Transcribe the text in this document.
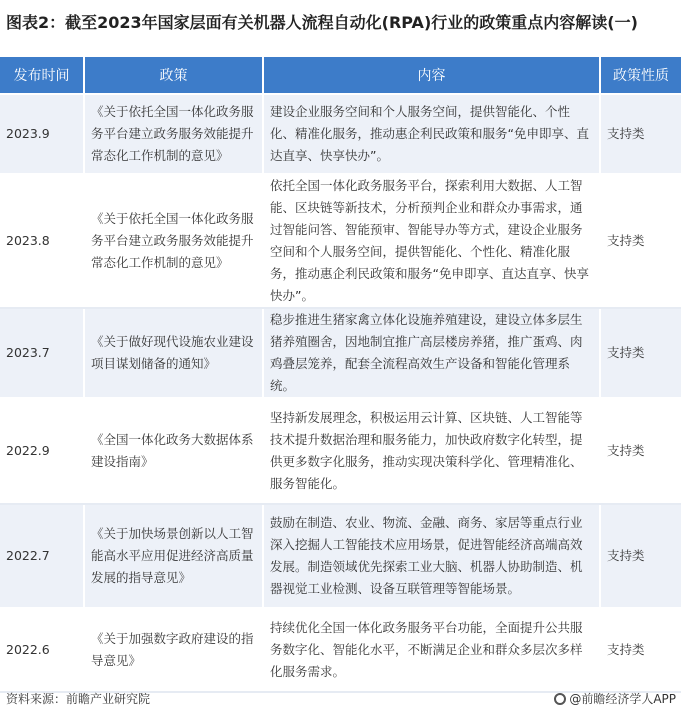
图表2：截至2023年国家层面有关机器人流程自动化(RPA)行业的政策重点内容解读(一)
发布时间	政策	内容	政策性质
2023.9	《关于依托全国一体化政务服务平台建立政务服务效能提升常态化工作机制的意见》	建设企业服务空间和个人服务空间，提供智能化、个性化、精准化服务，推动惠企利民政策和服务“免申即享、直达直享、快享快办”。	支持类
2023.8	《关于依托全国一体化政务服务平台建立政务服务效能提升常态化工作机制的意见》	依托全国一体化政务服务平台，探索利用大数据、人工智能、区块链等新技术，分析预判企业和群众办事需求，通过智能问答、智能预审、智能导办等方式，建设企业服务空间和个人服务空间，提供智能化、个性化、精准化服务，推动惠企利民政策和服务“免申即享、直达直享、快享快办”。	支持类
2023.7	《关于做好现代设施农业建设项目谋划储备的通知》	稳步推进生猪家禽立体化设施养殖建设，建设立体多层生猪养殖圈舍，因地制宜推广高层楼房养猪，推广蛋鸡、肉鸡叠层笼养，配套全流程高效生产设备和智能化管理系统。	支持类
2022.9	《全国一体化政务大数据体系建设指南》	坚持新发展理念，积极运用云计算、区块链、人工智能等技术提升数据治理和服务能力，加快政府数字化转型，提供更多数字化服务，推动实现决策科学化、管理精准化、服务智能化。	支持类
2022.7	《关于加快场景创新以人工智能高水平应用促进经济高质量发展的指导意见》	鼓励在制造、农业、物流、金融、商务、家居等重点行业深入挖掘人工智能技术应用场景，促进智能经济高端高效发展。制造领域优先探索工业大脑、机器人协助制造、机器视觉工业检测、设备互联管理等智能场景。	支持类
2022.6	《关于加强数字政府建设的指导意见》	持续优化全国一体化政务服务平台功能，全面提升公共服务数字化、智能化水平，不断满足企业和群众多层次多样化服务需求。	支持类
资料来源：前瞻产业研究院	@前瞻经济学人APP
